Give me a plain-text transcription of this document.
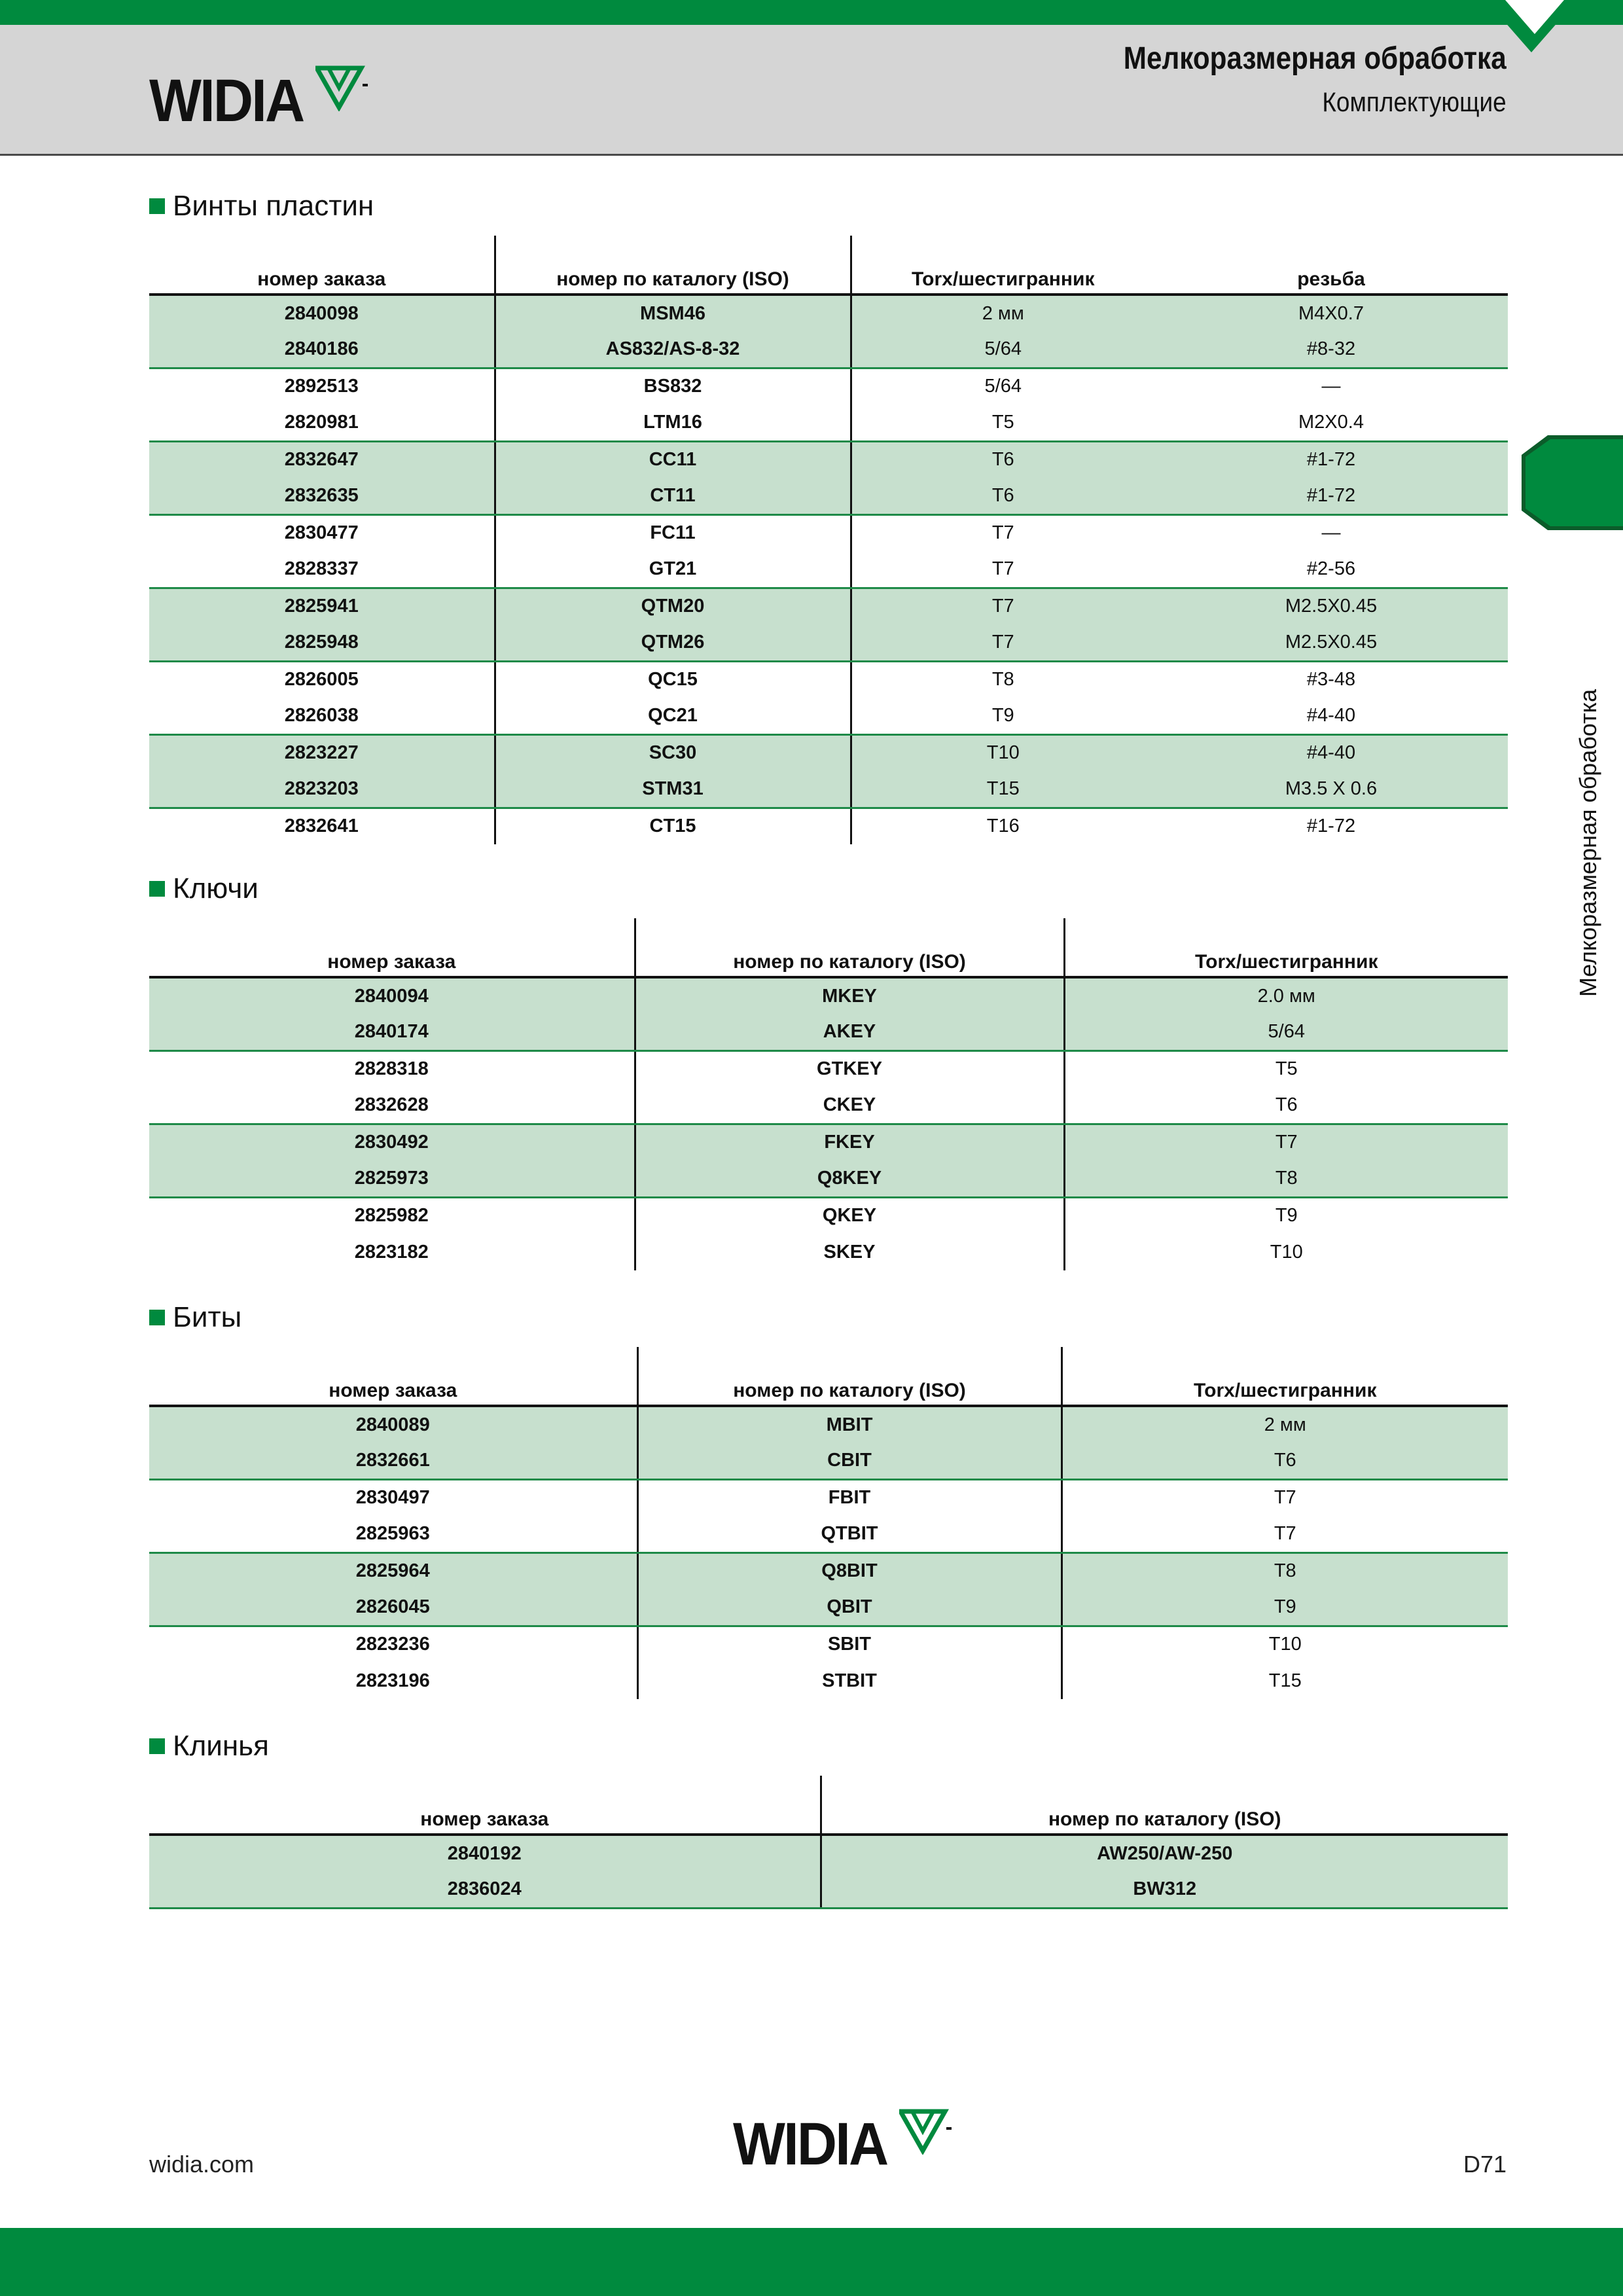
WIDIA
Мелкоразмерная обработка
Комплектующие
Мелкоразмерная обработка
Винты пластин
номер заказа	номер по каталогу (ISO)	Torx/шестигранник	резьба
2840098	MSM46	2 мм	M4X0.7
2840186	AS832/AS-8-32	5/64	#8-32
2892513	BS832	5/64	—
2820981	LTM16	T5	M2X0.4
2832647	CC11	T6	#1-72
2832635	CT11	T6	#1-72
2830477	FC11	T7	—
2828337	GT21	T7	#2-56
2825941	QTM20	T7	M2.5X0.45
2825948	QTM26	T7	M2.5X0.45
2826005	QC15	T8	#3-48
2826038	QC21	T9	#4-40
2823227	SC30	T10	#4-40
2823203	STM31	T15	M3.5 X 0.6
2832641	CT15	T16	#1-72
Ключи
номер заказа	номер по каталогу (ISO)	Torx/шестигранник
2840094	MKEY	2.0 мм
2840174	AKEY	5/64
2828318	GTKEY	T5
2832628	CKEY	T6
2830492	FKEY	T7
2825973	Q8KEY	T8
2825982	QKEY	T9
2823182	SKEY	T10
Биты
номер заказа	номер по каталогу (ISO)	Torx/шестигранник
2840089	MBIT	2 мм
2832661	CBIT	T6
2830497	FBIT	T7
2825963	QTBIT	T7
2825964	Q8BIT	T8
2826045	QBIT	T9
2823236	SBIT	T10
2823196	STBIT	T15
Клинья
номер заказа	номер по каталогу (ISO)
2840192	AW250/AW-250
2836024	BW312
widia.com	WIDIA	D71
